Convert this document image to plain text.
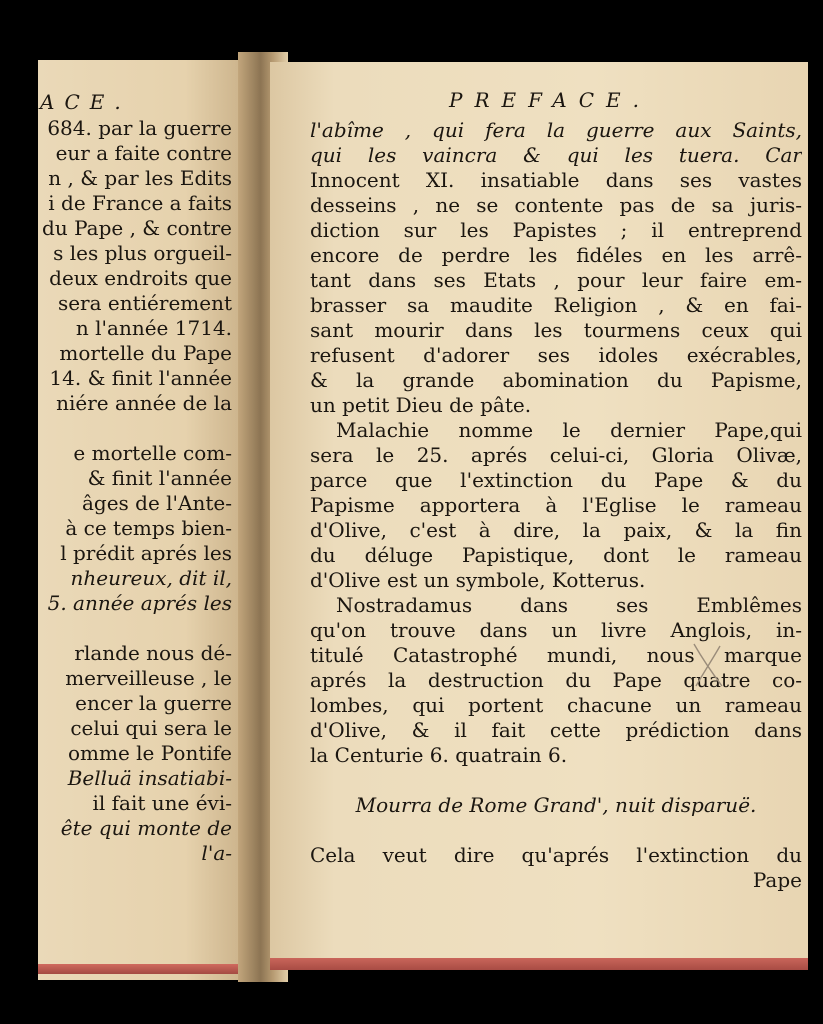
ACE.
684. par la guerre
eur a faite contre
n , & par les Edits
i de France a faits
du Pape , & contre
s les plus orgueil-
deux endroits que
sera entiérement
n l'année 1714.
mortelle du Pape
14. & finit l'année
niére année de la
e mortelle com-
& finit l'année
âges de l'Ante-
à ce temps bien-
l prédit aprés les
nheureux, dit il,
5. année aprés les
rlande nous dé-
merveilleuse , le
encer la guerre
celui qui sera le
omme le Pontife
Belluä insatiabi-
il fait une évi-
ête qui monte de
l'a-
PREFACE.
l'abîme , qui fera la guerre aux Saints,
qui les vaincra & qui les tuera. Car
Innocent XI. insatiable dans ses vastes
desseins , ne se contente pas de sa juris-
diction sur les Papistes ; il entreprend
encore de perdre les fidéles en les arrê-
tant dans ses Etats , pour leur faire em-
brasser sa maudite Religion , & en fai-
sant mourir dans les tourmens ceux qui
refusent d'adorer ses idoles exécrables,
& la grande abomination du Papisme,
un petit Dieu de pâte.
Malachie nomme le dernier Pape,qui
sera le 25. aprés celui-ci, Gloria Olivæ,
parce que l'extinction du Pape & du
Papisme apportera à l'Eglise le rameau
d'Olive, c'est à dire, la paix, & la fin
du déluge Papistique, dont le rameau
d'Olive est un symbole, Kotterus.
Nostradamus dans ses Emblêmes
qu'on trouve dans un livre Anglois, in-
titulé Catastrophé mundi, nous marque
aprés la destruction du Pape quatre co-
lombes, qui portent chacune un rameau
d'Olive, & il fait cette prédiction dans
la Centurie 6. quatrain 6.
Mourra de Rome Grand', nuit disparuë.
Cela veut dire qu'aprés l'extinction du
Pape
